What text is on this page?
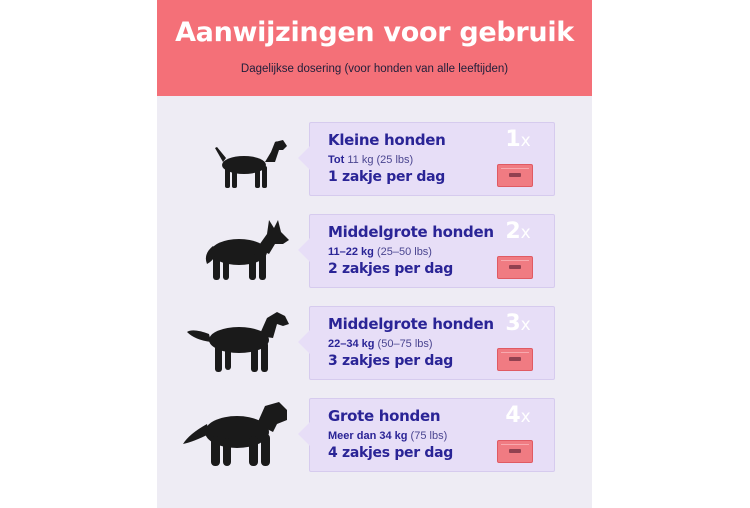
Aanwijzingen voor gebruik
Dagelijkse dosering (voor honden van alle leeftijden)
Kleine honden
Tot 11 kg (25 lbs)
1 zakje per dag
1x
Middelgrote honden
11–22 kg (25–50 lbs)
2 zakjes per dag
2x
Middelgrote honden
22–34 kg (50–75 lbs)
3 zakjes per dag
3x
Grote honden
Meer dan 34 kg (75 lbs)
4 zakjes per dag
4x
